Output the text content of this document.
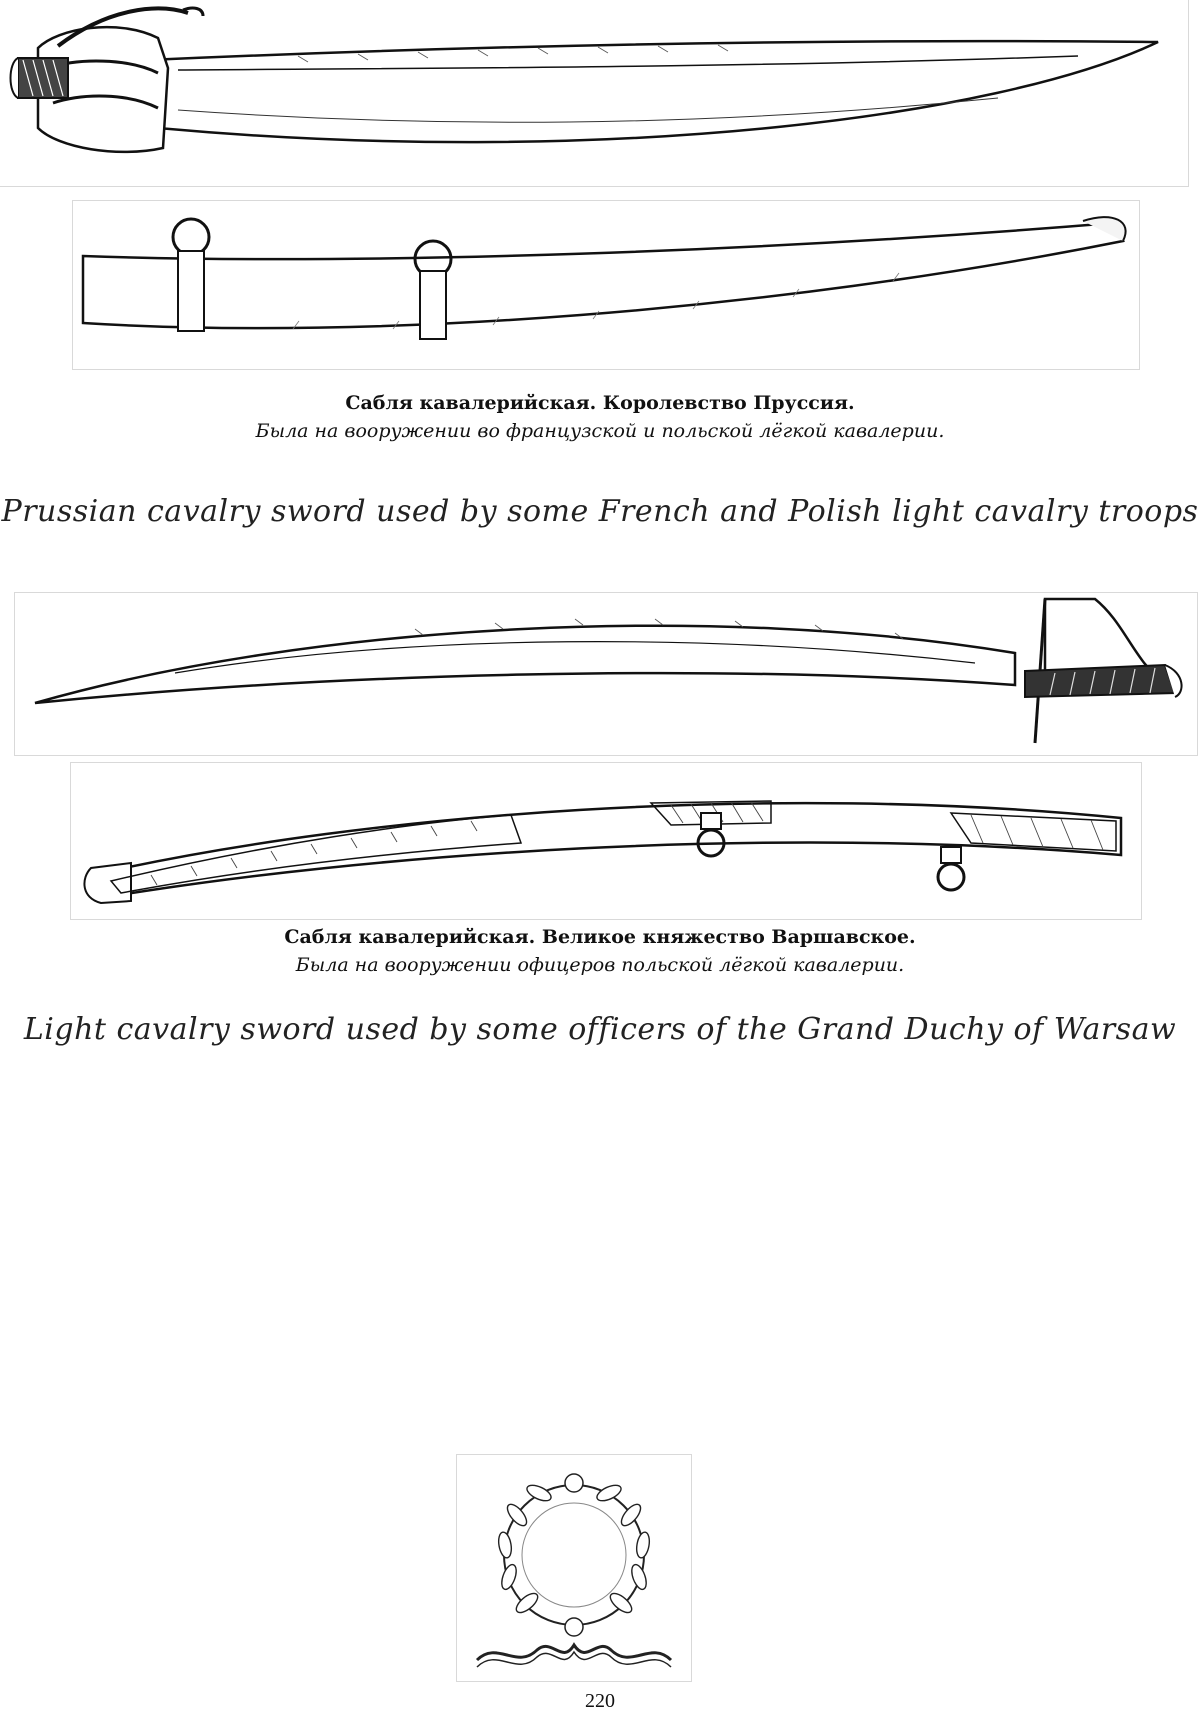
Сабля кавалерийская. Королевство Пруссия.
Была на вооружении во французской и польской лёгкой кавалерии.
Prussian cavalry sword used by some French and Polish light cavalry troops
Сабля кавалерийская. Великое княжество Варшавское.
Была на вооружении офицеров польской лёгкой кавалерии.
Light cavalry sword used by some officers of the Grand Duchy of Warsaw
220
